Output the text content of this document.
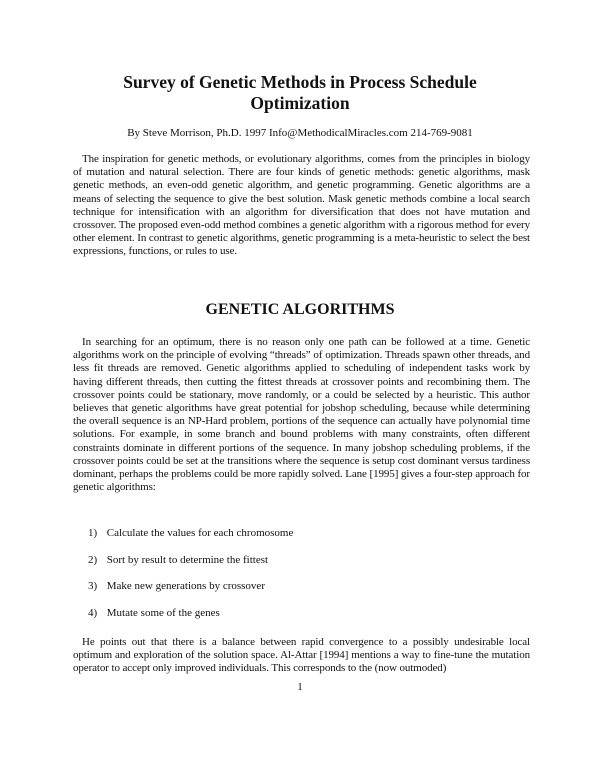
Survey of Genetic Methods in Process Schedule Optimization

By Steve Morrison, Ph.D. 1997 Info@MethodicalMiracles.com 214-769-9081

The inspiration for genetic methods, or evolutionary algorithms, comes from the principles in biology of mutation and natural selection. There are four kinds of genetic methods: genetic algorithms, mask genetic methods, an even-odd genetic algorithm, and genetic programming. Genetic algorithms are a means of selecting the sequence to give the best solution. Mask genetic methods combine a local search technique for intensification with an algorithm for diversification that does not have mutation and crossover. The proposed even-odd method combines a genetic algorithm with a rigorous method for every other element. In contrast to genetic algorithms, genetic programming is a meta-heuristic to select the best expressions, functions, or rules to use.

GENETIC ALGORITHMS

In searching for an optimum, there is no reason only one path can be followed at a time. Genetic algorithms work on the principle of evolving “threads” of optimization. Threads spawn other threads, and less fit threads are removed. Genetic algorithms applied to scheduling of independent tasks work by having different threads, then cutting the fittest threads at crossover points and recombining them. The crossover points could be stationary, move randomly, or a could be selected by a heuristic. This author believes that genetic algorithms have great potential for jobshop scheduling, because while determining the overall sequence is an NP-Hard problem, portions of the sequence can actually have polynomial time solutions. For example, in some branch and bound problems with many constraints, often different constraints dominate in different portions of the sequence. In many jobshop scheduling problems, if the crossover points could be set at the transitions where the sequence is setup cost dominant versus tardiness dominant, perhaps the problems could be more rapidly solved. Lane [1995] gives a four-step approach for genetic algorithms:

1) Calculate the values for each chromosome
2) Sort by result to determine the fittest
3) Make new generations by crossover
4) Mutate some of the genes

He points out that there is a balance between rapid convergence to a possibly undesirable local optimum and exploration of the solution space. Al-Attar [1994] mentions a way to fine-tune the mutation operator to accept only improved individuals. This corresponds to the (now outmoded)

1
